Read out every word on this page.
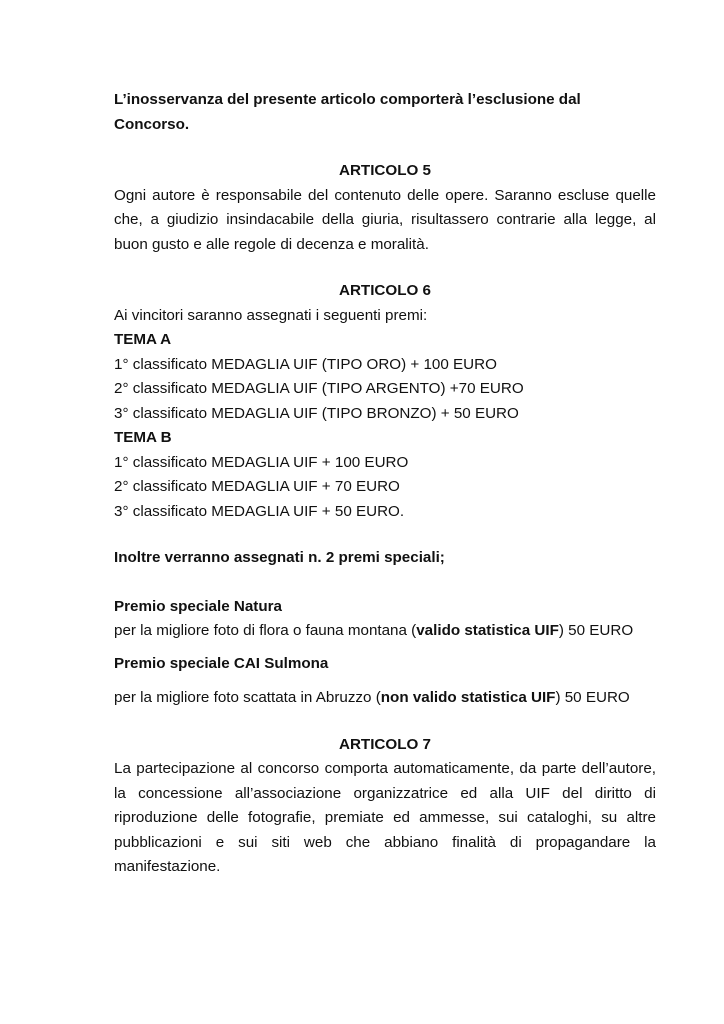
L’inosservanza del presente articolo comporterà l’esclusione dal Concorso.

ARTICOLO 5

Ogni autore è responsabile del contenuto delle opere. Saranno escluse quelle che, a giudizio insindacabile della giuria, risultassero contrarie alla legge, al buon gusto e alle regole di decenza e moralità.

ARTICOLO 6

Ai vincitori saranno assegnati i seguenti premi:

TEMA A

1° classificato MEDAGLIA UIF (TIPO ORO) + 100 EURO

2° classificato MEDAGLIA UIF (TIPO ARGENTO) +70 EURO

3° classificato MEDAGLIA UIF (TIPO BRONZO) + 50 EURO

TEMA B

1° classificato MEDAGLIA UIF + 100 EURO

2° classificato MEDAGLIA UIF + 70 EURO

3° classificato MEDAGLIA UIF + 50 EURO.

Inoltre verranno assegnati n. 2 premi speciali;

Premio speciale Natura

per la migliore foto di flora o fauna montana (valido statistica UIF) 50 EURO

Premio speciale CAI Sulmona

per la migliore foto scattata in Abruzzo (non valido statistica UIF) 50 EURO

ARTICOLO 7

La partecipazione al concorso comporta automaticamente, da parte dell’autore, la concessione all’associazione organizzatrice ed alla UIF del diritto di riproduzione delle fotografie, premiate ed ammesse, sui cataloghi, su altre pubblicazioni e sui siti web che abbiano finalità di propagandare la manifestazione.
